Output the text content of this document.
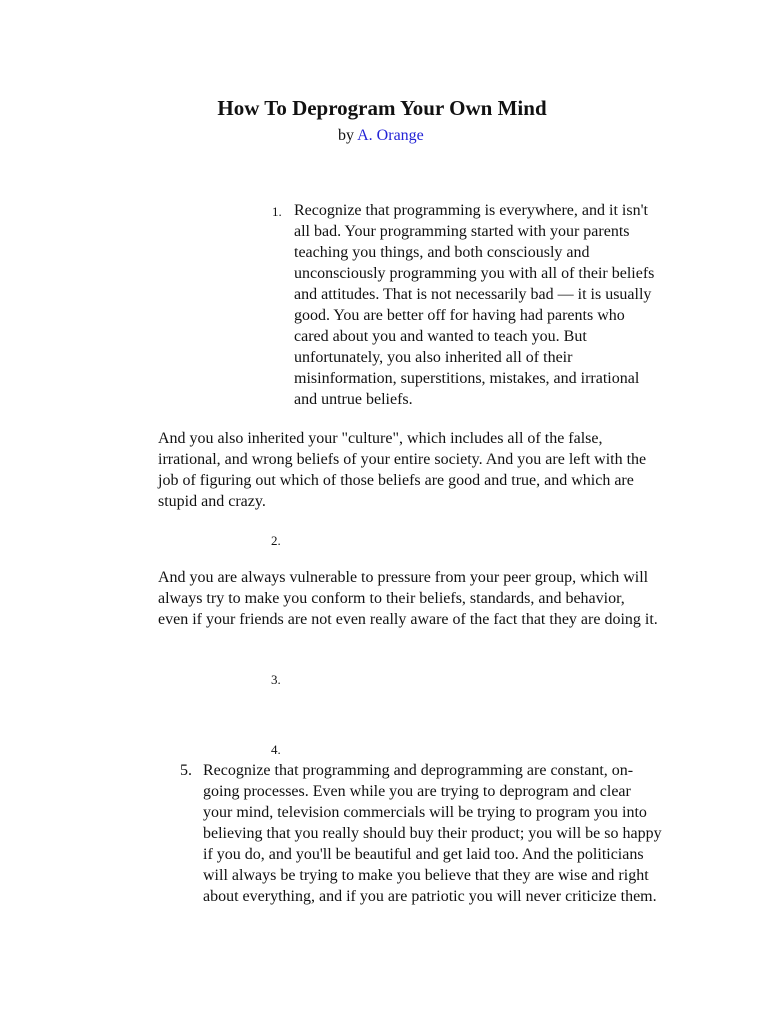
How To Deprogram Your Own Mind
by A. Orange
1. Recognize that programming is everywhere, and it isn't all bad. Your programming started with your parents teaching you things, and both consciously and unconsciously programming you with all of their beliefs and attitudes. That is not necessarily bad — it is usually good. You are better off for having had parents who cared about you and wanted to teach you. But unfortunately, you also inherited all of their misinformation, superstitions, mistakes, and irrational and untrue beliefs.

And you also inherited your "culture", which includes all of the false, irrational, and wrong beliefs of your entire society. And you are left with the job of figuring out which of those beliefs are good and true, and which are stupid and crazy.

2.

And you are always vulnerable to pressure from your peer group, which will always try to make you conform to their beliefs, standards, and behavior, even if your friends are not even really aware of the fact that they are doing it.

3.
4.
5. Recognize that programming and deprogramming are constant, on-going processes. Even while you are trying to deprogram and clear your mind, television commercials will be trying to program you into believing that you really should buy their product; you will be so happy if you do, and you'll be beautiful and get laid too. And the politicians will always be trying to make you believe that they are wise and right about everything, and if you are patriotic you will never criticize them.
